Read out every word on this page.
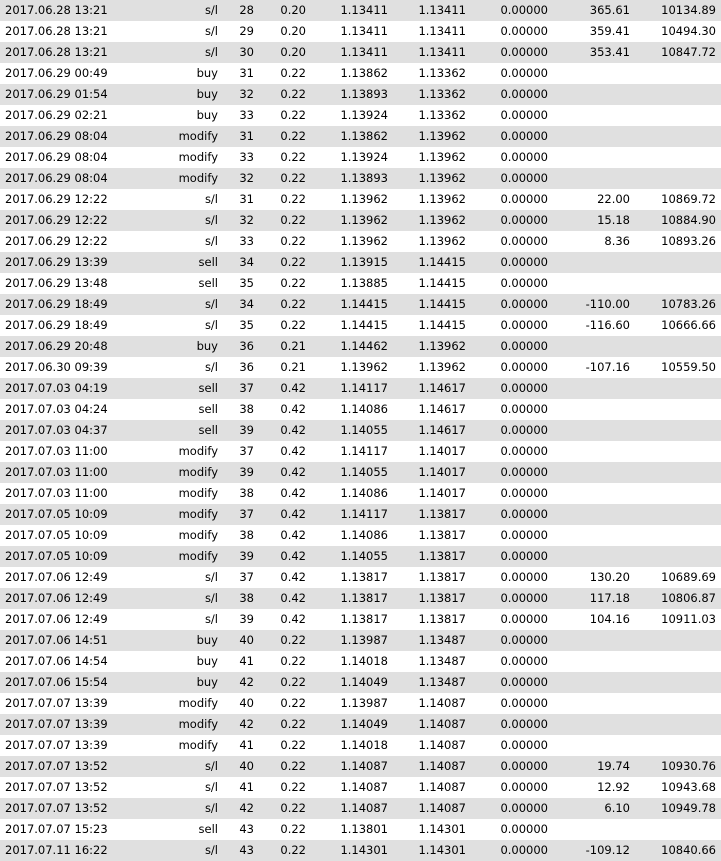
2017.06.28 13:21	s/l	28	0.20	1.13411	1.13411	0.00000	365.61	10134.89
2017.06.28 13:21	s/l	29	0.20	1.13411	1.13411	0.00000	359.41	10494.30
2017.06.28 13:21	s/l	30	0.20	1.13411	1.13411	0.00000	353.41	10847.72
2017.06.29 00:49	buy	31	0.22	1.13862	1.13362	0.00000		
2017.06.29 01:54	buy	32	0.22	1.13893	1.13362	0.00000		
2017.06.29 02:21	buy	33	0.22	1.13924	1.13362	0.00000		
2017.06.29 08:04	modify	31	0.22	1.13862	1.13962	0.00000		
2017.06.29 08:04	modify	33	0.22	1.13924	1.13962	0.00000		
2017.06.29 08:04	modify	32	0.22	1.13893	1.13962	0.00000		
2017.06.29 12:22	s/l	31	0.22	1.13962	1.13962	0.00000	22.00	10869.72
2017.06.29 12:22	s/l	32	0.22	1.13962	1.13962	0.00000	15.18	10884.90
2017.06.29 12:22	s/l	33	0.22	1.13962	1.13962	0.00000	8.36	10893.26
2017.06.29 13:39	sell	34	0.22	1.13915	1.14415	0.00000		
2017.06.29 13:48	sell	35	0.22	1.13885	1.14415	0.00000		
2017.06.29 18:49	s/l	34	0.22	1.14415	1.14415	0.00000	-110.00	10783.26
2017.06.29 18:49	s/l	35	0.22	1.14415	1.14415	0.00000	-116.60	10666.66
2017.06.29 20:48	buy	36	0.21	1.14462	1.13962	0.00000		
2017.06.30 09:39	s/l	36	0.21	1.13962	1.13962	0.00000	-107.16	10559.50
2017.07.03 04:19	sell	37	0.42	1.14117	1.14617	0.00000		
2017.07.03 04:24	sell	38	0.42	1.14086	1.14617	0.00000		
2017.07.03 04:37	sell	39	0.42	1.14055	1.14617	0.00000		
2017.07.03 11:00	modify	37	0.42	1.14117	1.14017	0.00000		
2017.07.03 11:00	modify	39	0.42	1.14055	1.14017	0.00000		
2017.07.03 11:00	modify	38	0.42	1.14086	1.14017	0.00000		
2017.07.05 10:09	modify	37	0.42	1.14117	1.13817	0.00000		
2017.07.05 10:09	modify	38	0.42	1.14086	1.13817	0.00000		
2017.07.05 10:09	modify	39	0.42	1.14055	1.13817	0.00000		
2017.07.06 12:49	s/l	37	0.42	1.13817	1.13817	0.00000	130.20	10689.69
2017.07.06 12:49	s/l	38	0.42	1.13817	1.13817	0.00000	117.18	10806.87
2017.07.06 12:49	s/l	39	0.42	1.13817	1.13817	0.00000	104.16	10911.03
2017.07.06 14:51	buy	40	0.22	1.13987	1.13487	0.00000		
2017.07.06 14:54	buy	41	0.22	1.14018	1.13487	0.00000		
2017.07.06 15:54	buy	42	0.22	1.14049	1.13487	0.00000		
2017.07.07 13:39	modify	40	0.22	1.13987	1.14087	0.00000		
2017.07.07 13:39	modify	42	0.22	1.14049	1.14087	0.00000		
2017.07.07 13:39	modify	41	0.22	1.14018	1.14087	0.00000		
2017.07.07 13:52	s/l	40	0.22	1.14087	1.14087	0.00000	19.74	10930.76
2017.07.07 13:52	s/l	41	0.22	1.14087	1.14087	0.00000	12.92	10943.68
2017.07.07 13:52	s/l	42	0.22	1.14087	1.14087	0.00000	6.10	10949.78
2017.07.07 15:23	sell	43	0.22	1.13801	1.14301	0.00000		
2017.07.11 16:22	s/l	43	0.22	1.14301	1.14301	0.00000	-109.12	10840.66
